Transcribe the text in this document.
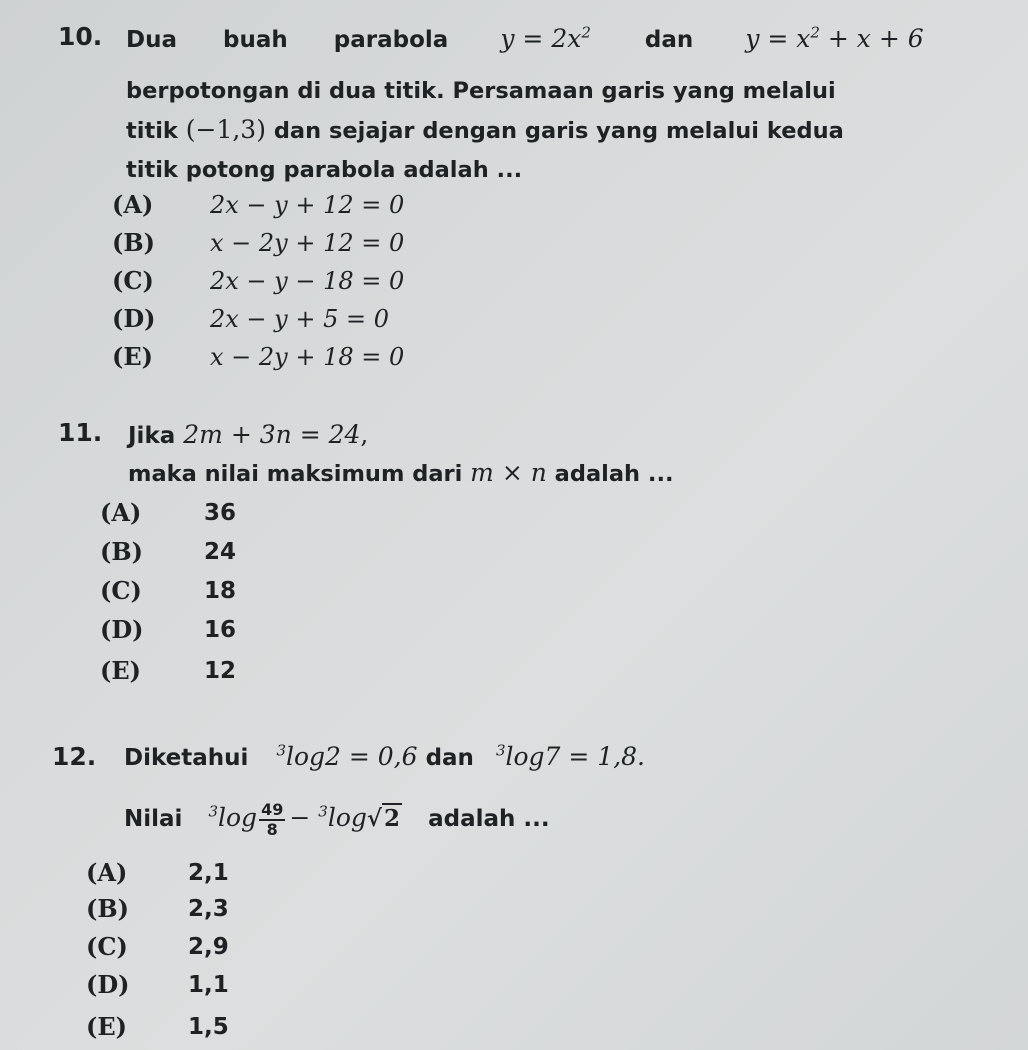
10. Dua buah parabola $y = 2x^2$ dan $y = x^2 + x + 6$
berpotongan di dua titik. Persamaan garis yang melalui
titik (−1,3) dan sejajar dengan garis yang melalui kedua
titik potong parabola adalah ...
(A) 2x − y + 12 = 0
(B) x − 2y + 12 = 0
(C) 2x − y − 18 = 0
(D) 2x − y + 5 = 0
(E) x − 2y + 18 = 0
11. Jika 2m + 3n = 24,
maka nilai maksimum dari m × n adalah ...
(A)	36
(B)	24
(C)	18
(D)	16
(E)	12
12. Diketahui $^3$log2 = 0,6 dan $^3$log7 = 1,8.
Nilai $^3\log \frac{49}{8} - ^3\log√2$ adalah ...
(A)	2,1
(B)	2,3
(C)	2,9
(D)	1,1
(E)	1,5
